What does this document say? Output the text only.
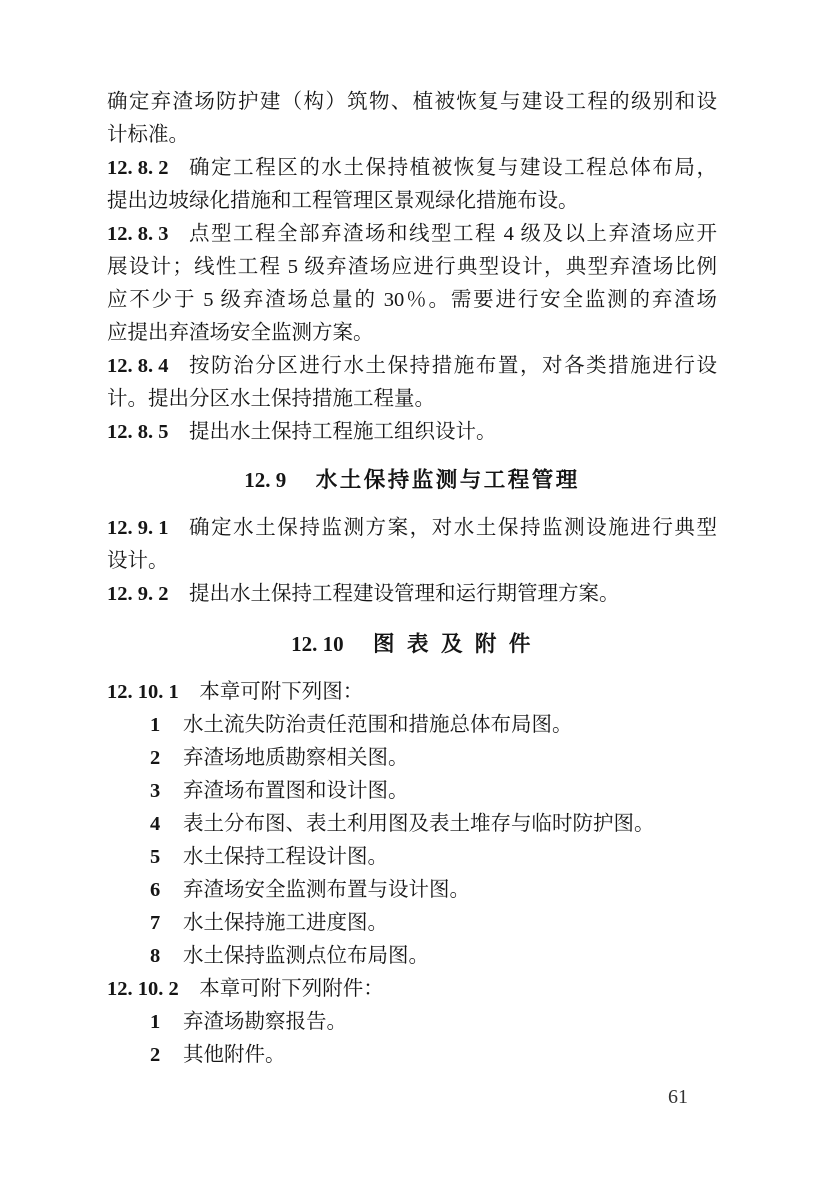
确定弃渣场防护建（构）筑物、植被恢复与建设工程的级别和设
计标准。
12. 8. 2 确定工程区的水土保持植被恢复与建设工程总体布局，
提出边坡绿化措施和工程管理区景观绿化措施布设。
12. 8. 3 点型工程全部弃渣场和线型工程 4 级及以上弃渣场应开
展设计；线性工程 5 级弃渣场应进行典型设计，典型弃渣场比例
应不少于 5 级弃渣场总量的 30％。需要进行安全监测的弃渣场
应提出弃渣场安全监测方案。
12. 8. 4 按防治分区进行水土保持措施布置，对各类措施进行设
计。提出分区水土保持措施工程量。
12. 8. 5 提出水土保持工程施工组织设计。
12. 9 水土保持监测与工程管理
12. 9. 1 确定水土保持监测方案，对水土保持监测设施进行典型
设计。
12. 9. 2 提出水土保持工程建设管理和运行期管理方案。
12. 10 图 表 及 附 件
12. 10. 1 本章可附下列图：
1 水土流失防治责任范围和措施总体布局图。
2 弃渣场地质勘察相关图。
3 弃渣场布置图和设计图。
4 表土分布图、表土利用图及表土堆存与临时防护图。
5 水土保持工程设计图。
6 弃渣场安全监测布置与设计图。
7 水土保持施工进度图。
8 水土保持监测点位布局图。
12. 10. 2 本章可附下列附件：
1 弃渣场勘察报告。
2 其他附件。
61
